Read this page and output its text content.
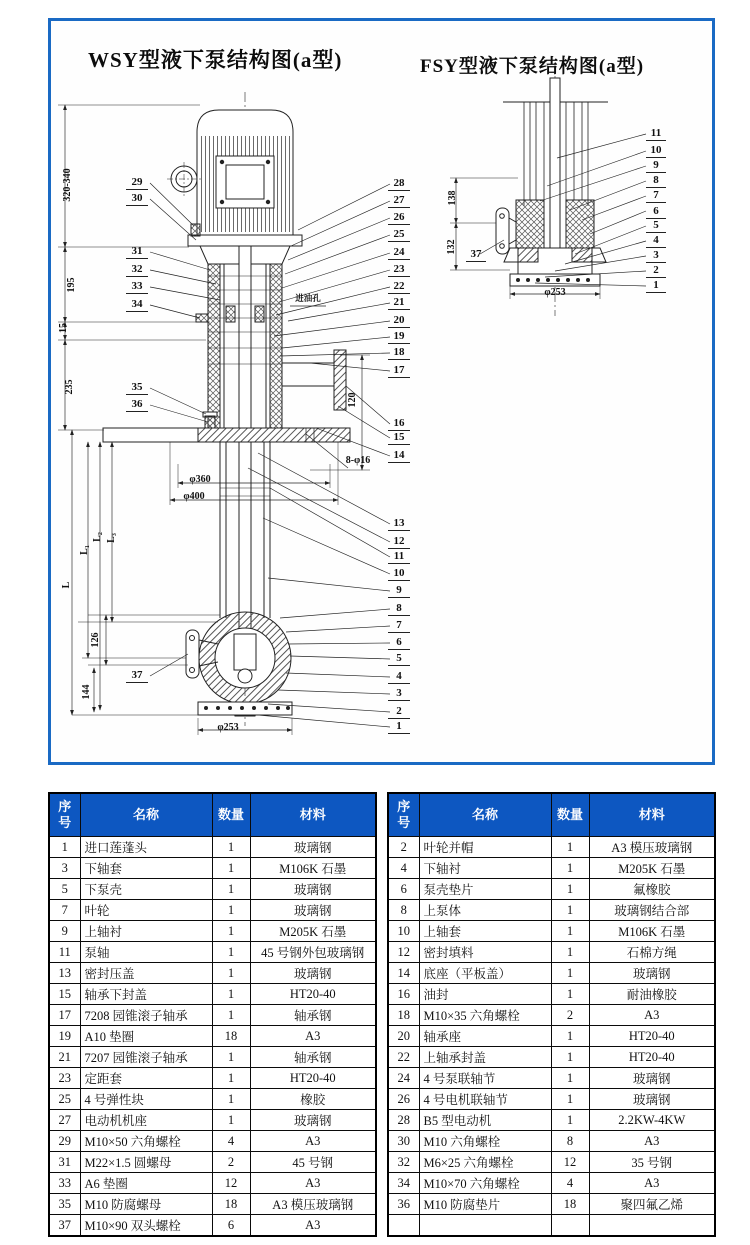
WSY型液下泵结构图(a型)	FSY型液下泵结构图(a型)
28
27
26
25
24
23
22
21
20
19
18
17
16
15
14
13
12
11
10
9
8
7
6
5
4
3
2
1
29
30
31
32
33
34
35
36
37
320-340
195
15
235
L
L₁
L₂ L₃
126
144
120
φ360
φ400
φ253
8-φ16
进油孔
11
10
9
8
7
6
5
4
3
2
1
37
138
132
φ253
序号	名称	数量	材料
1	进口莲蓬头	1	玻璃钢
3	下轴套	1	M106K 石墨
5	下泵壳	1	玻璃钢
7	叶轮	1	玻璃钢
9	上轴衬	1	M205K 石墨
11	泵轴	1	45 号钢外包玻璃钢
13	密封压盖	1	玻璃钢
15	轴承下封盖	1	HT20-40
17	7208 园锥滚子轴承	1	轴承钢
19	A10 垫圈	18	A3
21	7207 园锥滚子轴承	1	轴承钢
23	定距套	1	HT20-40
25	4 号弹性块	1	橡胶
27	电动机机座	1	玻璃钢
29	M10×50 六角螺栓	4	A3
31	M22×1.5 圆螺母	2	45 号钢
33	A6 垫圈	12	A3
35	M10 防腐螺母	18	A3 模压玻璃钢
37	M10×90 双头螺栓	6	A3
序号	名称	数量	材料
2	叶轮并帽	1	A3 模压玻璃钢
4	下轴衬	1	M205K 石墨
6	泵壳垫片	1	氟橡胶
8	上泵体	1	玻璃钢结合部
10	上轴套	1	M106K 石墨
12	密封填料	1	石棉方绳
14	底座（平板盖）	1	玻璃钢
16	油封	1	耐油橡胶
18	M10×35 六角螺栓	2	A3
20	轴承座	1	HT20-40
22	上轴承封盖	1	HT20-40
24	4 号泵联轴节	1	玻璃钢
26	4 号电机联轴节	1	玻璃钢
28	B5 型电动机	1	2.2KW-4KW
30	M10 六角螺栓	8	A3
32	M6×25 六角螺栓	12	35 号钢
34	M10×70 六角螺栓	4	A3
36	M10 防腐垫片	18	聚四氟乙烯
